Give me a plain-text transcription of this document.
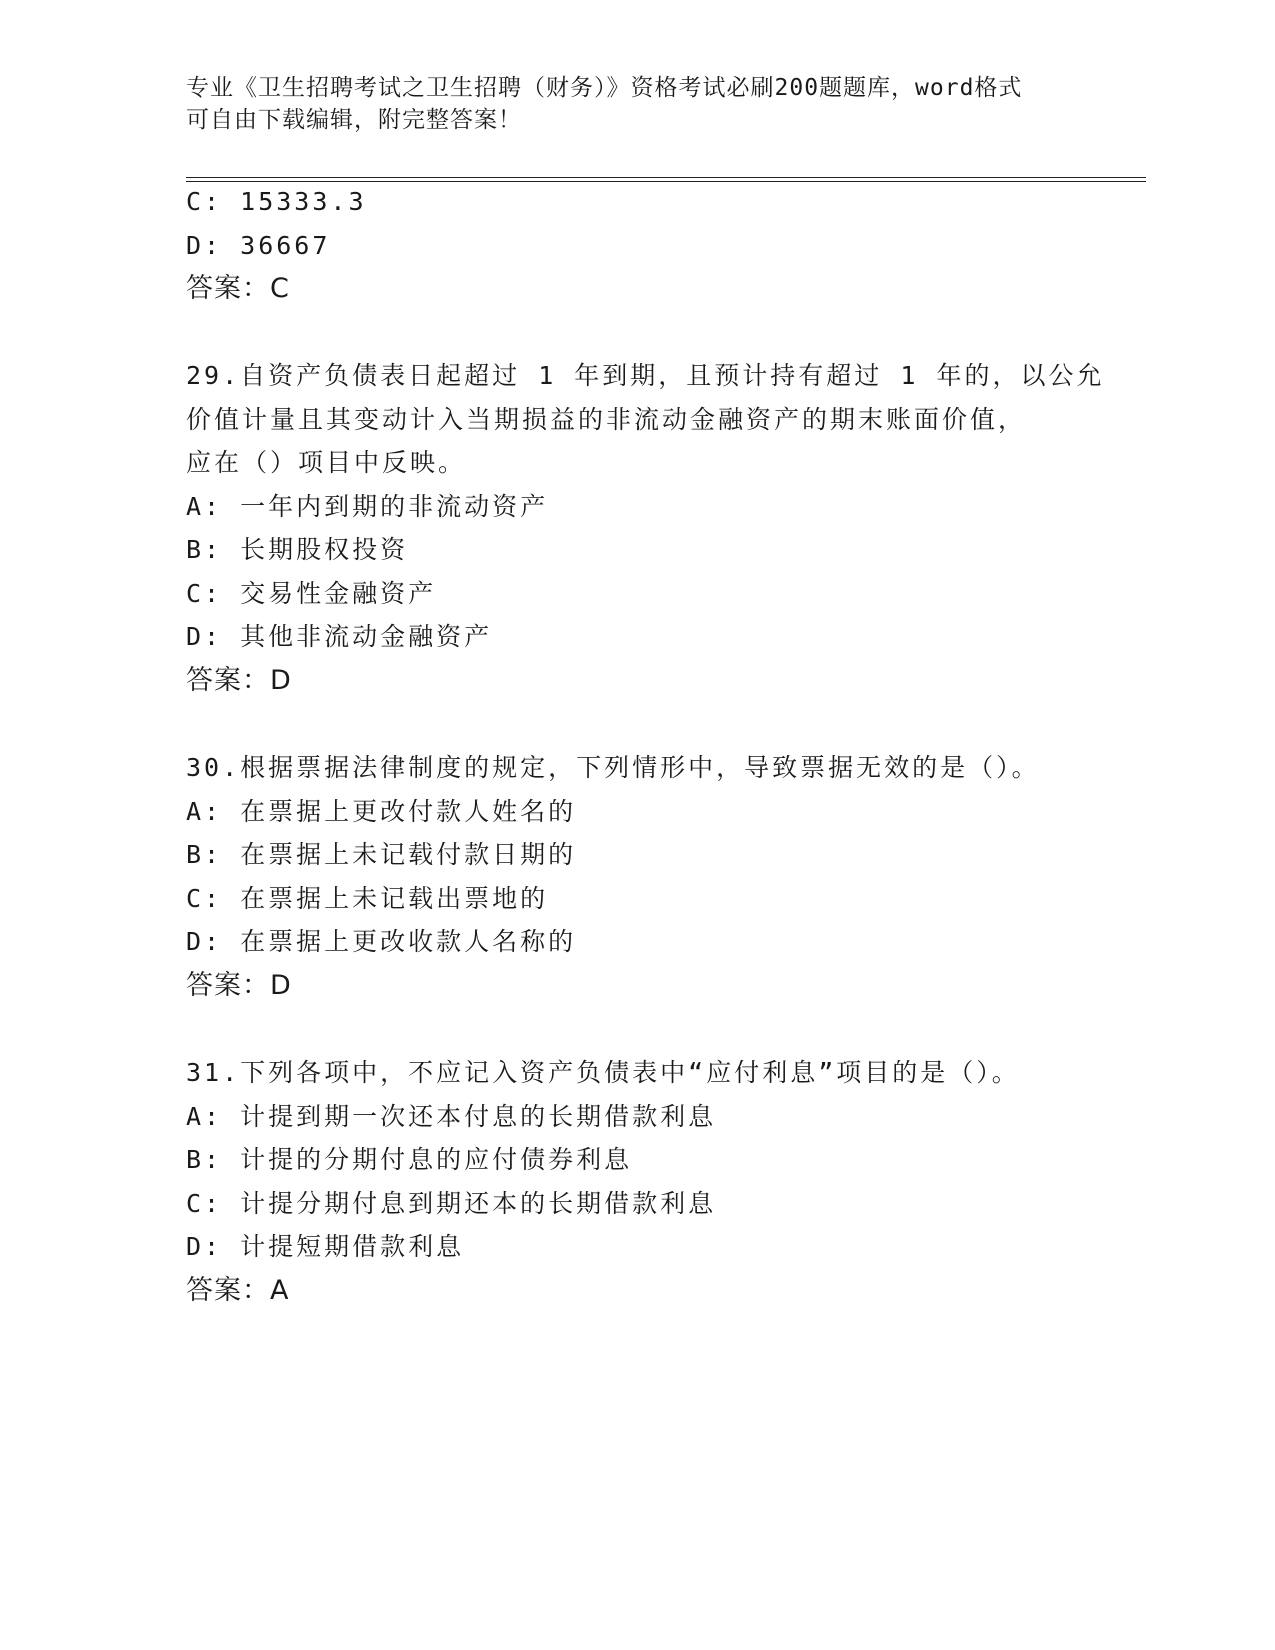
专业《卫生招聘考试之卫生招聘（财务）》资格考试必刷200题题库，word格式
可自由下载编辑，附完整答案！
C: 15333.3
D: 36667
答案：C
29.自资产负债表日起超过 1 年到期，且预计持有超过 1 年的，以公允
价值计量且其变动计入当期损益的非流动金融资产的期末账面价值，
应在（）项目中反映。
A: 一年内到期的非流动资产
B: 长期股权投资
C: 交易性金融资产
D: 其他非流动金融资产
答案：D
30.根据票据法律制度的规定，下列情形中，导致票据无效的是（）。
A: 在票据上更改付款人姓名的
B: 在票据上未记载付款日期的
C: 在票据上未记载出票地的
D: 在票据上更改收款人名称的
答案：D
31.下列各项中，不应记入资产负债表中“应付利息”项目的是（）。
A: 计提到期一次还本付息的长期借款利息
B: 计提的分期付息的应付债券利息
C: 计提分期付息到期还本的长期借款利息
D: 计提短期借款利息
答案：A
